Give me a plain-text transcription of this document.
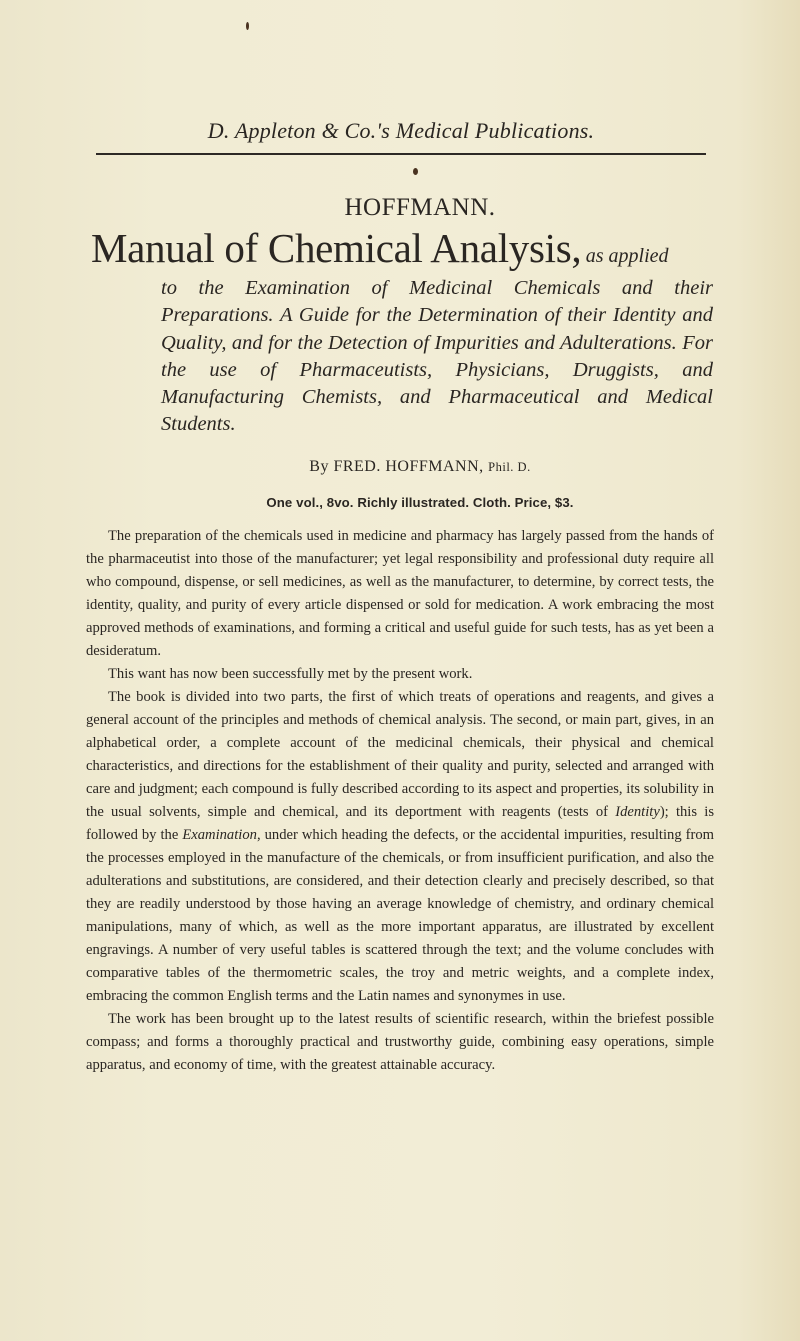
D. Appleton & Co.'s Medical Publications.
HOFFMANN.
Manual of Chemical Analysis, as applied
to the Examination of Medicinal Chemicals and their Preparations. A Guide for the Determination of their Identity and Quality, and for the Detection of Impurities and Adulterations. For the use of Pharmaceutists, Physicians, Druggists, and Manufacturing Chemists, and Pharmaceutical and Medical Students.
By FRED. HOFFMANN, Phil. D.
One vol., 8vo. Richly illustrated. Cloth. Price, $3.

The preparation of the chemicals used in medicine and pharmacy has largely passed from the hands of the pharmaceutist into those of the manufacturer; yet legal responsibility and professional duty require all who compound, dispense, or sell medicines, as well as the manufacturer, to determine, by correct tests, the identity, quality, and purity of every article dispensed or sold for medication. A work embracing the most approved methods of examinations, and forming a critical and useful guide for such tests, has as yet been a desideratum.

This want has now been successfully met by the present work.

The book is divided into two parts, the first of which treats of operations and reagents, and gives a general account of the principles and methods of chemical analysis. The second, or main part, gives, in an alphabetical order, a complete account of the medicinal chemicals, their physical and chemical characteristics, and directions for the establishment of their quality and purity, selected and arranged with care and judgment; each compound is fully described according to its aspect and properties, its solubility in the usual solvents, simple and chemical, and its deportment with reagents (tests of Identity); this is followed by the Examination, under which heading the defects, or the accidental impurities, resulting from the processes employed in the manufacture of the chemicals, or from insufficient purification, and also the adulterations and substitutions, are considered, and their detection clearly and precisely described, so that they are readily understood by those having an average knowledge of chemistry, and ordinary chemical manipulations, many of which, as well as the more important apparatus, are illustrated by excellent engravings. A number of very useful tables is scattered through the text; and the volume concludes with comparative tables of the thermometric scales, the troy and metric weights, and a complete index, embracing the common English terms and the Latin names and synonymes in use.

The work has been brought up to the latest results of scientific research, within the briefest possible compass; and forms a thoroughly practical and trustworthy guide, combining easy operations, simple apparatus, and economy of time, with the greatest attainable accuracy.
